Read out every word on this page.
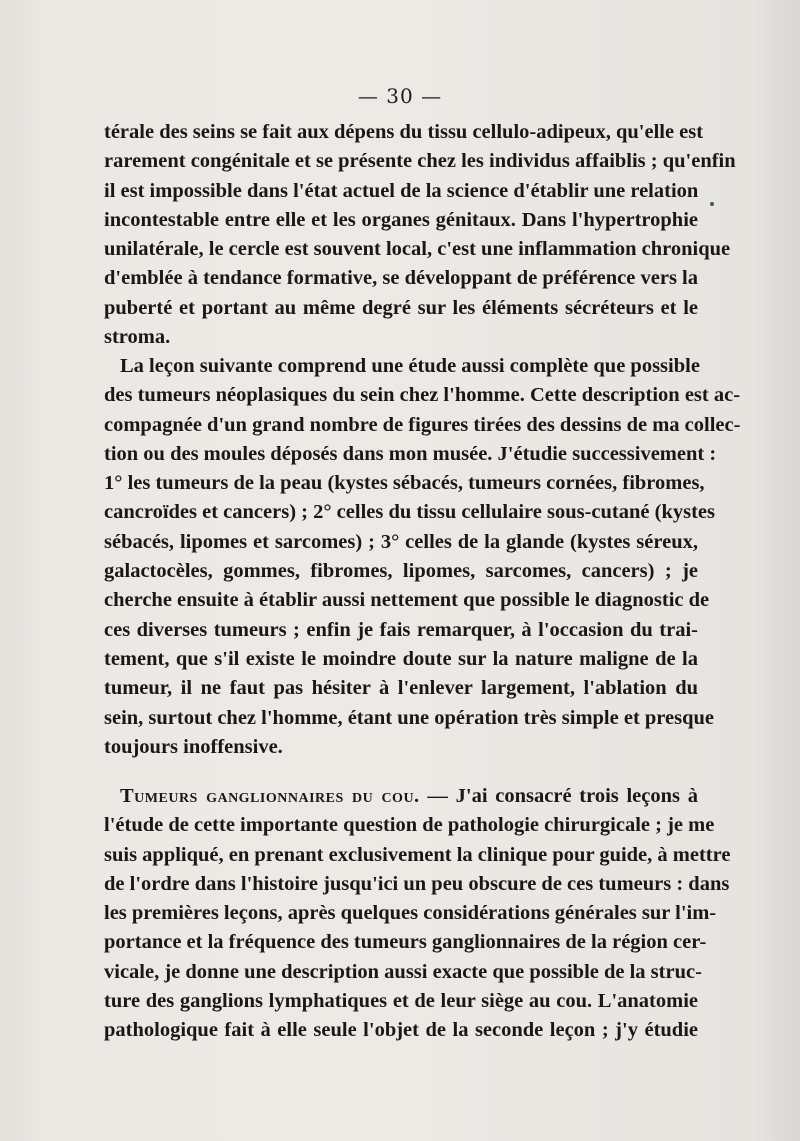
— 30 —
térale des seins se fait aux dépens du tissu cellulo-adipeux, qu'elle est
rarement congénitale et se présente chez les individus affaiblis ; qu'enfin
il est impossible dans l'état actuel de la science d'établir une relation
incontestable entre elle et les organes génitaux. Dans l'hypertrophie
unilatérale, le cercle est souvent local, c'est une inflammation chronique
d'emblée à tendance formative, se développant de préférence vers la
puberté et portant au même degré sur les éléments sécréteurs et le
stroma.
La leçon suivante comprend une étude aussi complète que possible
des tumeurs néoplasiques du sein chez l'homme. Cette description est ac-
compagnée d'un grand nombre de figures tirées des dessins de ma collec-
tion ou des moules déposés dans mon musée. J'étudie successivement :
1° les tumeurs de la peau (kystes sébacés, tumeurs cornées, fibromes,
cancroïdes et cancers) ; 2° celles du tissu cellulaire sous-cutané (kystes
sébacés, lipomes et sarcomes) ; 3° celles de la glande (kystes séreux,
galactocèles, gommes, fibromes, lipomes, sarcomes, cancers) ; je
cherche ensuite à établir aussi nettement que possible le diagnostic de
ces diverses tumeurs ; enfin je fais remarquer, à l'occasion du trai-
tement, que s'il existe le moindre doute sur la nature maligne de la
tumeur, il ne faut pas hésiter à l'enlever largement, l'ablation du
sein, surtout chez l'homme, étant une opération très simple et presque
toujours inoffensive.
Tumeurs ganglionnaires du cou. — J'ai consacré trois leçons à
l'étude de cette importante question de pathologie chirurgicale ; je me
suis appliqué, en prenant exclusivement la clinique pour guide, à mettre
de l'ordre dans l'histoire jusqu'ici un peu obscure de ces tumeurs : dans
les premières leçons, après quelques considérations générales sur l'im-
portance et la fréquence des tumeurs ganglionnaires de la région cer-
vicale, je donne une description aussi exacte que possible de la struc-
ture des ganglions lymphatiques et de leur siège au cou. L'anatomie
pathologique fait à elle seule l'objet de la seconde leçon ; j'y étudie
